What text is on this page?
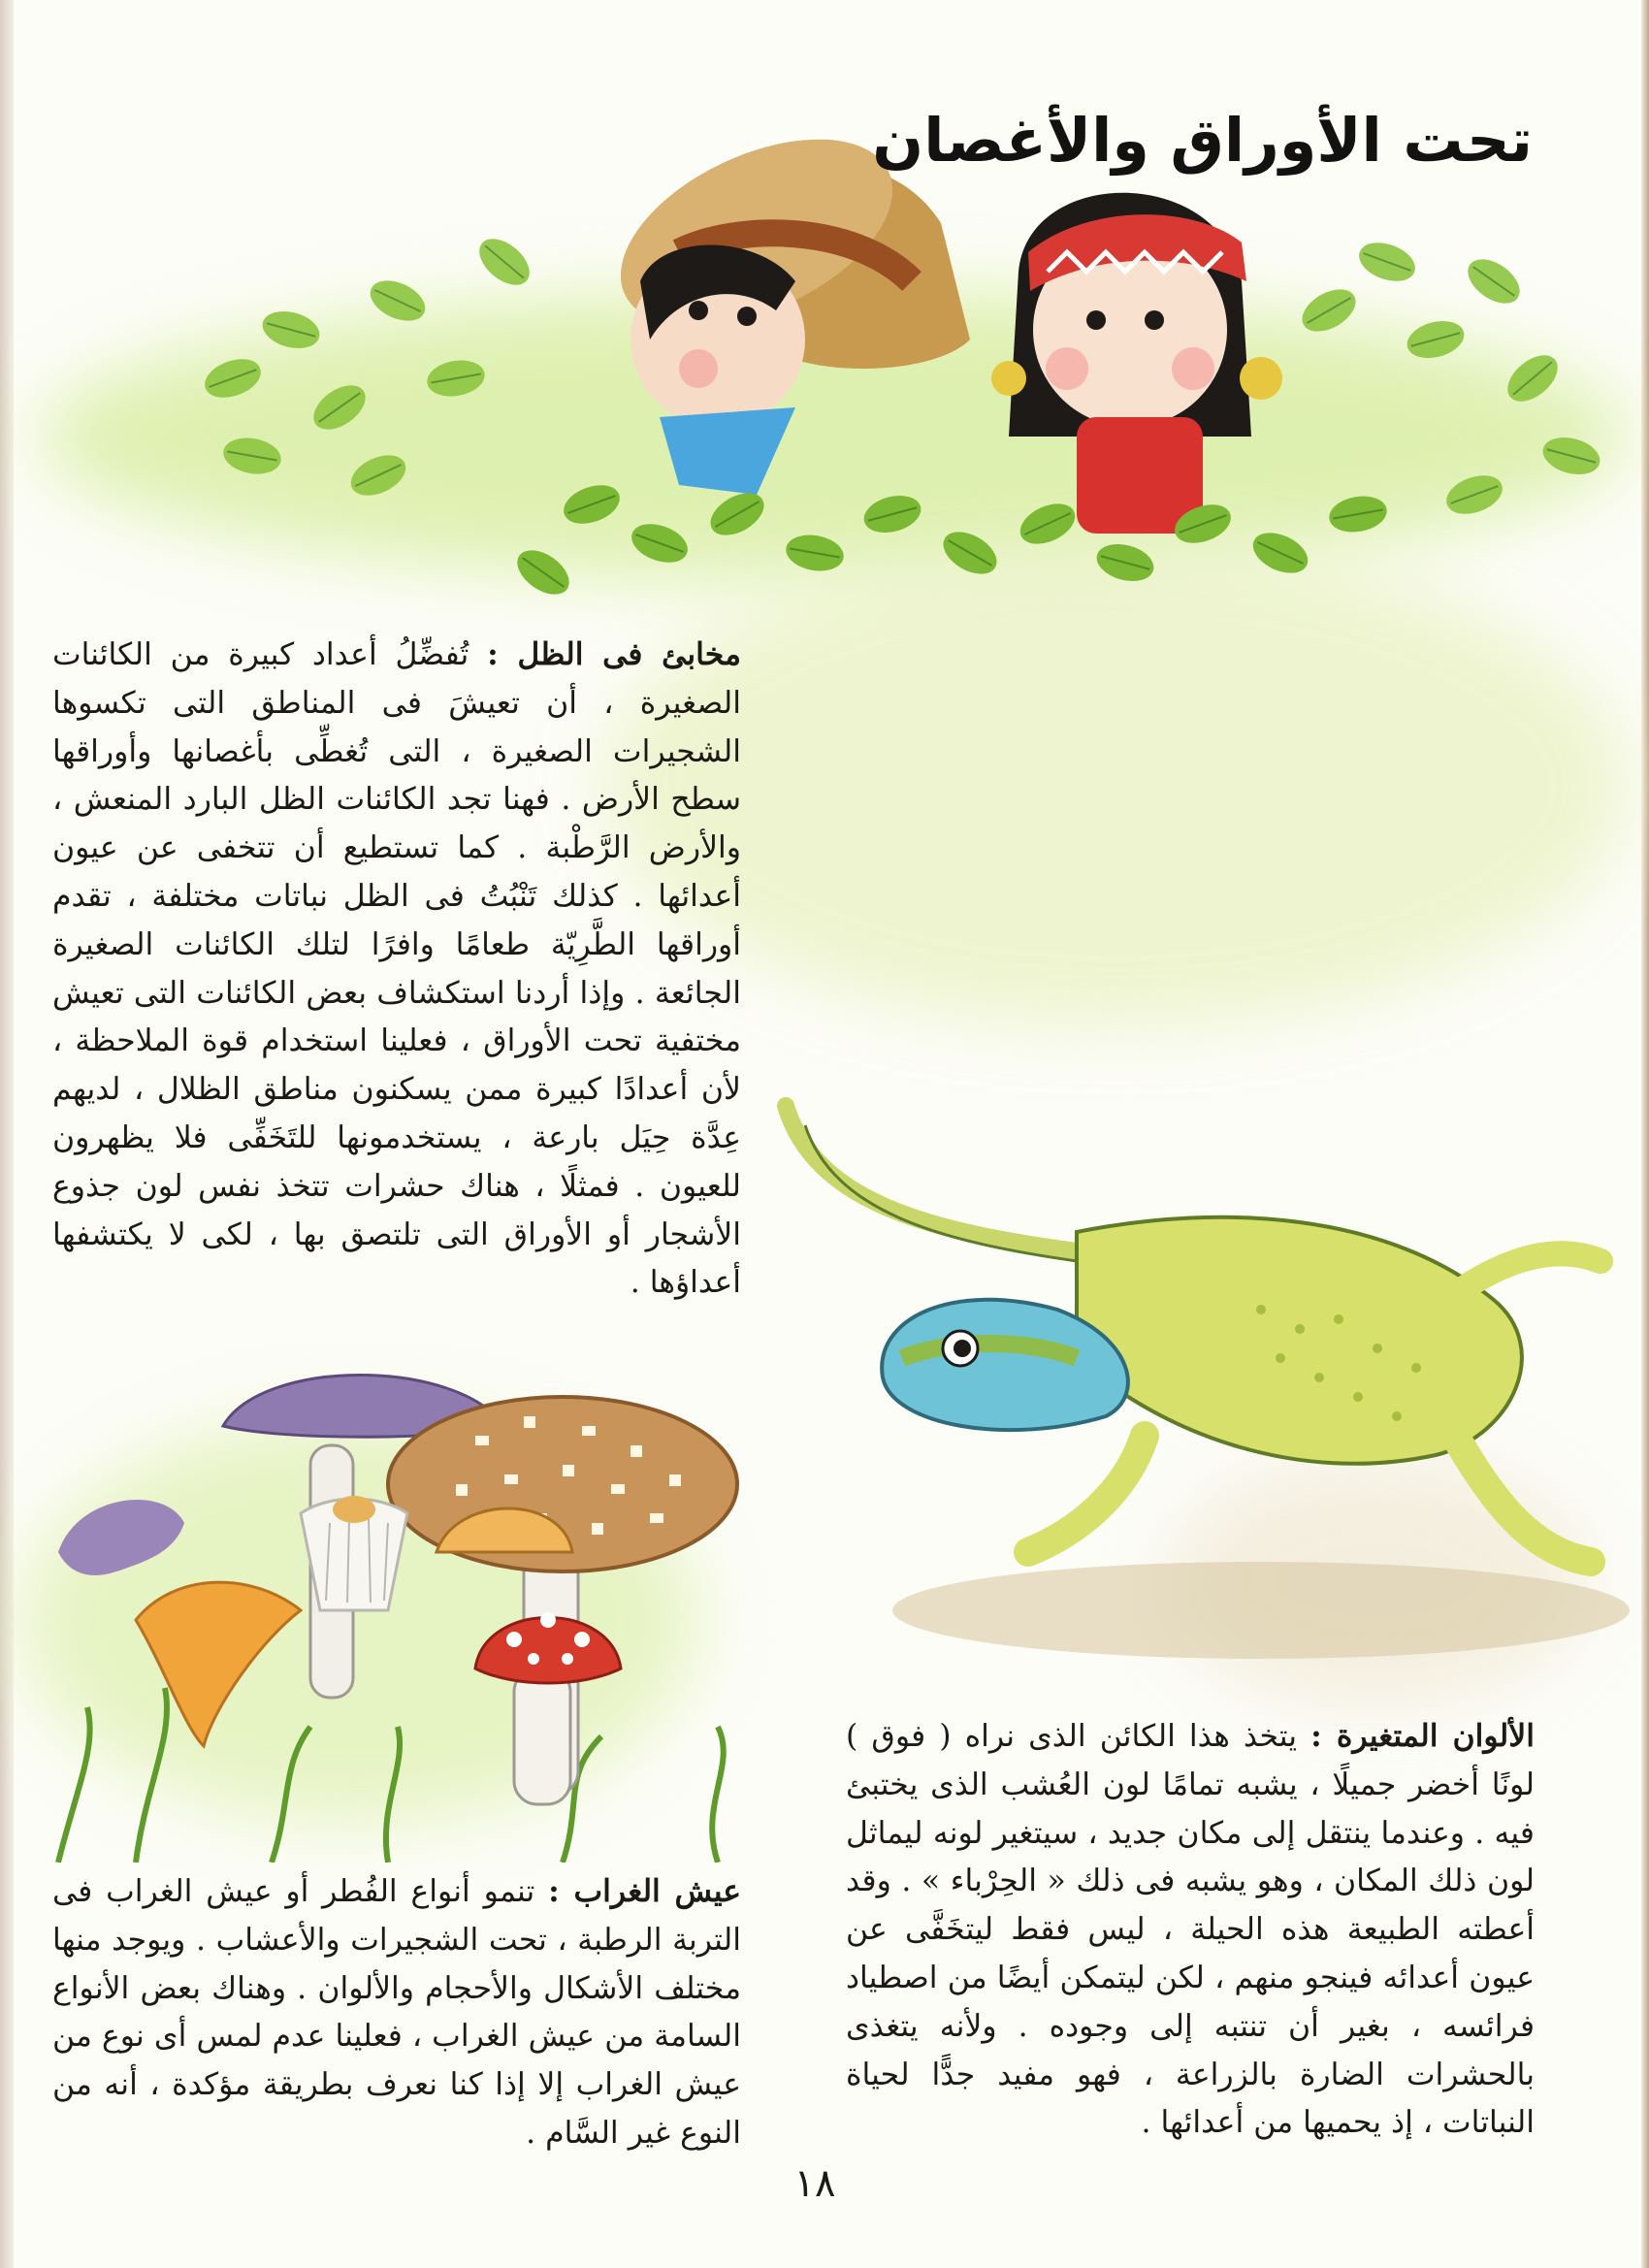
تحت الأوراق والأغصان

مخابئ فى الظل : تُفضِّلُ أعداد كبيرة من الكائنات الصغيرة ، أن تعيشَ فى المناطق التى تكسوها الشجيرات الصغيرة ، التى تُغطِّى بأغصانها وأوراقها سطح الأرض . فهنا تجد الكائنات الظل البارد المنعش ، والأرض الرَّطْبة . كما تستطيع أن تتخفى عن عيون أعدائها . كذلك تَنْبُتُ فى الظل نباتات مختلفة ، تقدم أوراقها الطَّرِيّة طعامًا وافرًا لتلك الكائنات الصغيرة الجائعة . وإذا أردنا استكشاف بعض الكائنات التى تعيش مختفية تحت الأوراق ، فعلينا استخدام قوة الملاحظة ، لأن أعدادًا كبيرة ممن يسكنون مناطق الظلال ، لديهم عِدَّة حِيَل بارعة ، يستخدمونها للتَخَفِّى فلا يظهرون للعيون . فمثلًا ، هناك حشرات تتخذ نفس لون جذوع الأشجار أو الأوراق التى تلتصق بها ، لكى لا يكتشفها أعداؤها .

الألوان المتغيرة : يتخذ هذا الكائن الذى نراه ( فوق ) لونًا أخضر جميلًا ، يشبه تمامًا لون العُشب الذى يختبئ فيه . وعندما ينتقل إلى مكان جديد ، سيتغير لونه ليماثل لون ذلك المكان ، وهو يشبه فى ذلك « الحِرْباء » . وقد أعطته الطبيعة هذه الحيلة ، ليس فقط ليتخَفَّى عن عيون أعدائه فينجو منهم ، لكن ليتمكن أيضًا من اصطياد فرائسه ، بغير أن تنتبه إلى وجوده . ولأنه يتغذى بالحشرات الضارة بالزراعة ، فهو مفيد جدًّا لحياة النباتات ، إذ يحميها من أعدائها .

عيش الغراب : تنمو أنواع الفُطر أو عيش الغراب فى التربة الرطبة ، تحت الشجيرات والأعشاب . ويوجد منها مختلف الأشكال والأحجام والألوان . وهناك بعض الأنواع السامة من عيش الغراب ، فعلينا عدم لمس أى نوع من عيش الغراب إلا إذا كنا نعرف بطريقة مؤكدة ، أنه من النوع غير السَّام .

١٨
